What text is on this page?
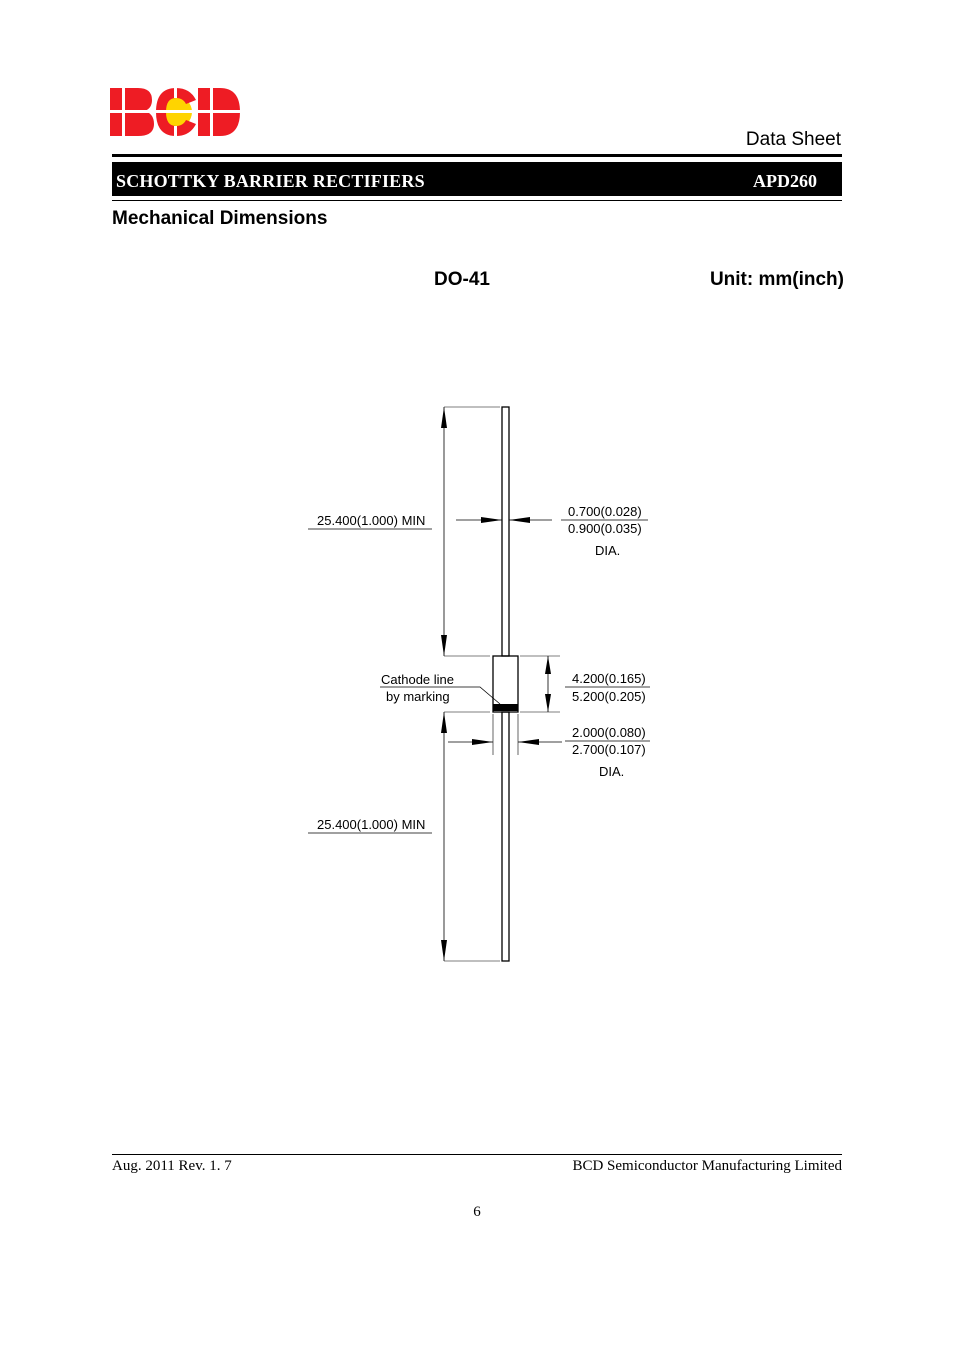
BCD
Data Sheet
SCHOTTKY BARRIER RECTIFIERS	APD260
Mechanical Dimensions
DO-41	Unit: mm(inch)
25.400(1.000) MIN
25.400(1.000) MIN
0.700(0.028)
0.900(0.035)
DIA.
4.200(0.165)
5.200(0.205)
2.000(0.080)
2.700(0.107)
DIA.
Cathode line
by marking
Aug. 2011 Rev. 1. 7	BCD Semiconductor Manufacturing Limited
6
